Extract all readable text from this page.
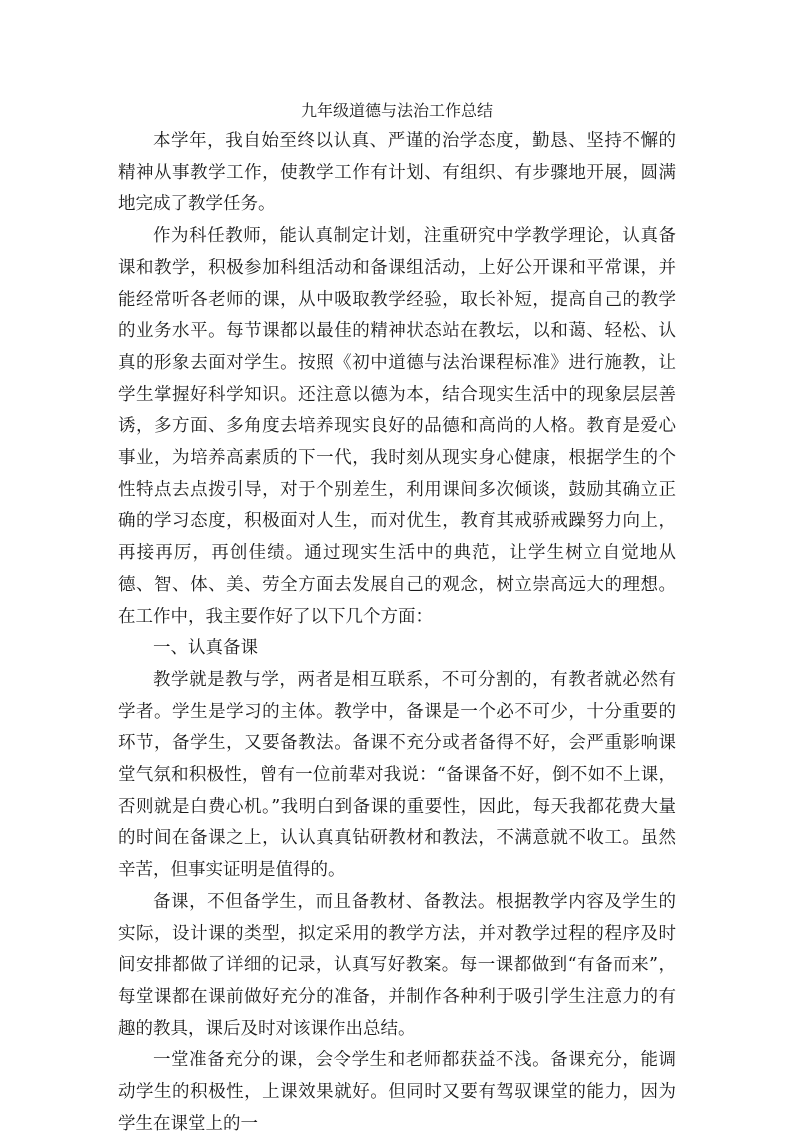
九年级道德与法治工作总结

本学年，我自始至终以认真、严谨的治学态度，勤恳、坚持不懈的精神从事教学工作，使教学工作有计划、有组织、有步骤地开展，圆满地完成了教学任务。

作为科任教师，能认真制定计划，注重研究中学教学理论，认真备课和教学，积极参加科组活动和备课组活动，上好公开课和平常课，并能经常听各老师的课，从中吸取教学经验，取长补短，提高自己的教学的业务水平。每节课都以最佳的精神状态站在教坛，以和蔼、轻松、认真的形象去面对学生。按照《初中道德与法治课程标准》进行施教，让学生掌握好科学知识。还注意以德为本，结合现实生活中的现象层层善诱，多方面、多角度去培养现实良好的品德和高尚的人格。教育是爱心事业，为培养高素质的下一代，我时刻从现实身心健康，根据学生的个性特点去点拨引导，对于个别差生，利用课间多次倾谈，鼓励其确立正确的学习态度，积极面对人生，而对优生，教育其戒骄戒躁努力向上，再接再厉，再创佳绩。通过现实生活中的典范，让学生树立自觉地从德、智、体、美、劳全方面去发展自己的观念，树立崇高远大的理想。在工作中，我主要作好了以下几个方面：

一、认真备课

教学就是教与学，两者是相互联系，不可分割的，有教者就必然有学者。学生是学习的主体。教学中，备课是一个必不可少，十分重要的环节，备学生，又要备教法。备课不充分或者备得不好，会严重影响课堂气氛和积极性，曾有一位前辈对我说：“备课备不好，倒不如不上课，否则就是白费心机。”我明白到备课的重要性，因此，每天我都花费大量的时间在备课之上，认认真真钻研教材和教法，不满意就不收工。虽然辛苦，但事实证明是值得的。

备课，不但备学生，而且备教材、备教法。根据教学内容及学生的实际，设计课的类型，拟定采用的教学方法，并对教学过程的程序及时间安排都做了详细的记录，认真写好教案。每一课都做到“有备而来”，每堂课都在课前做好充分的准备，并制作各种利于吸引学生注意力的有趣的教具，课后及时对该课作出总结。

一堂准备充分的课，会令学生和老师都获益不浅。备课充分，能调动学生的积极性，上课效果就好。但同时又要有驾驭课堂的能力，因为学生在课堂上的一
